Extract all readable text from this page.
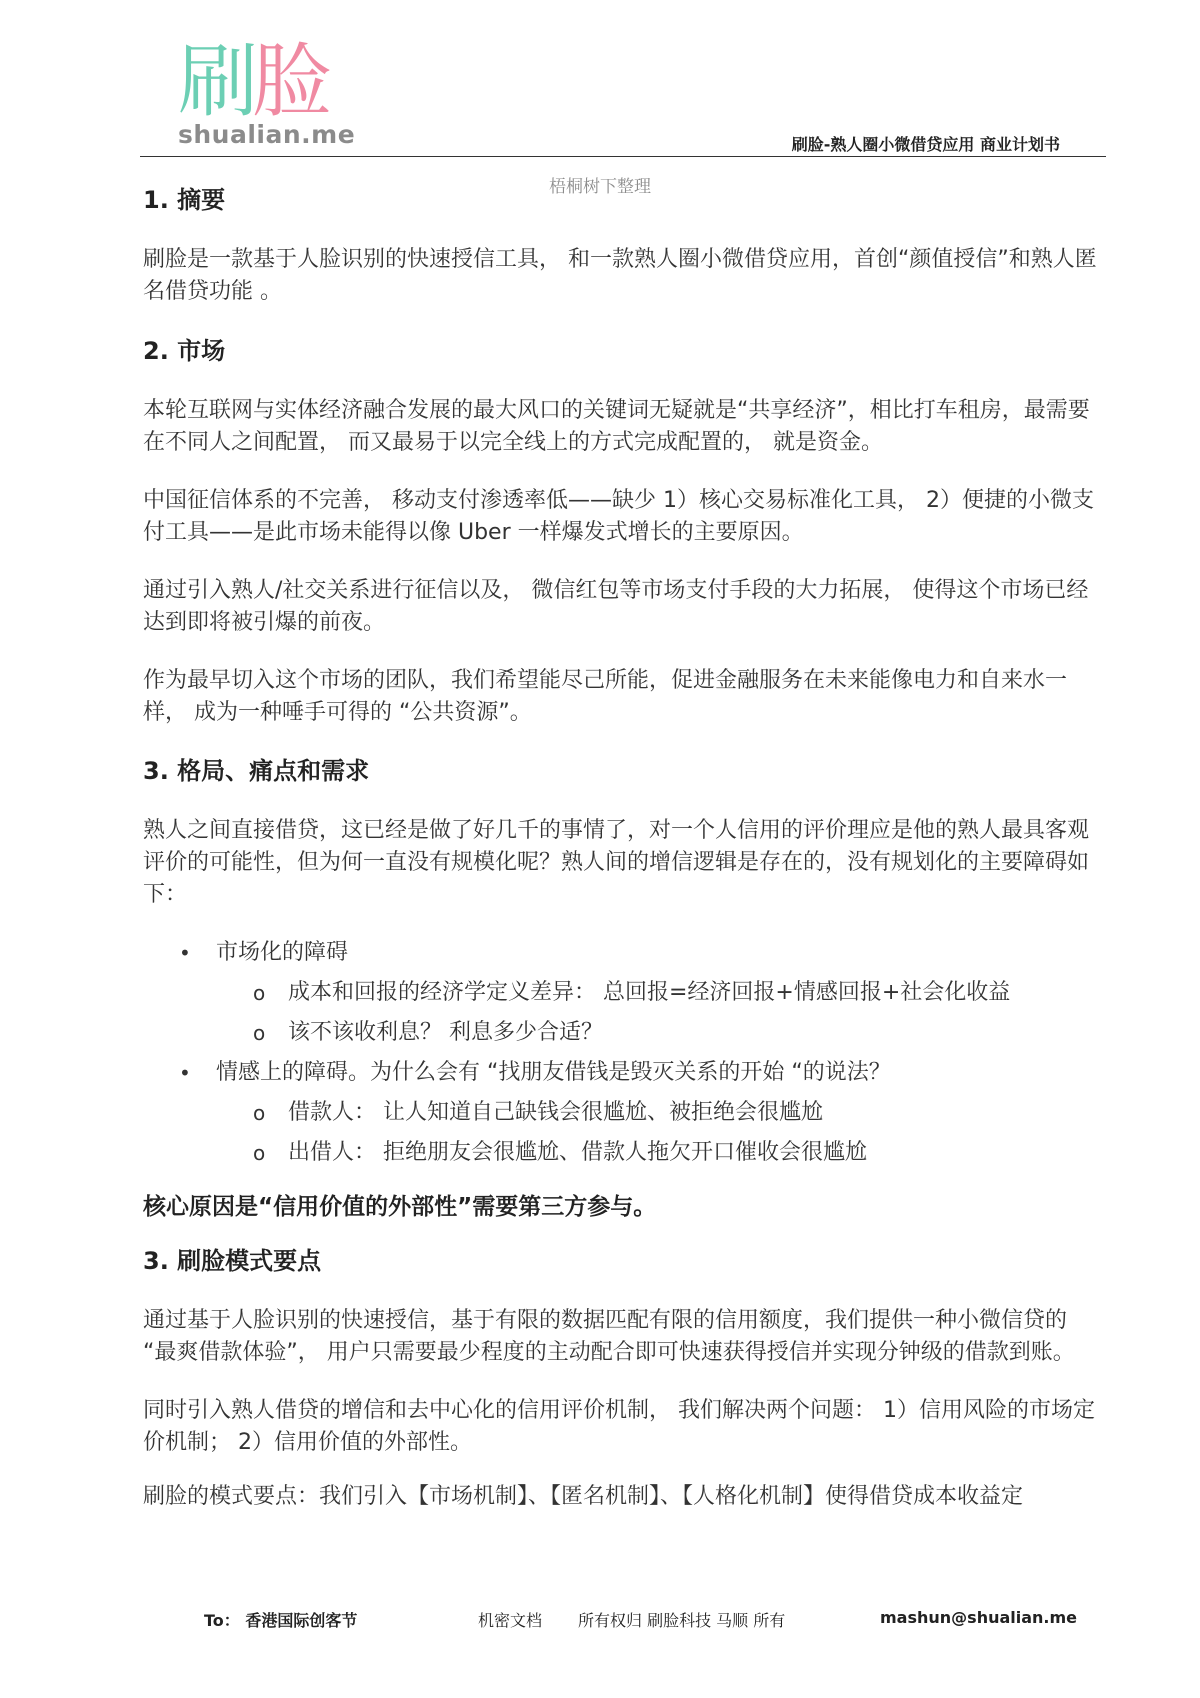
刷脸
shualian.me	刷脸-熟人圈小微借贷应用 商业计划书
梧桐树下整理
1. 摘要

刷脸是一款基于人脸识别的快速授信工具， 和一款熟人圈小微借贷应用，首创“颜值授信”和熟人匿名借贷功能 。

2. 市场

本轮互联网与实体经济融合发展的最大风口的关键词无疑就是“共享经济”，相比打车租房，最需要在不同人之间配置， 而又最易于以完全线上的方式完成配置的， 就是资金。

中国征信体系的不完善， 移动支付渗透率低——缺少 1）核心交易标准化工具， 2）便捷的小微支付工具——是此市场未能得以像 Uber 一样爆发式增长的主要原因。

通过引入熟人/社交关系进行征信以及， 微信红包等市场支付手段的大力拓展， 使得这个市场已经达到即将被引爆的前夜。

作为最早切入这个市场的团队，我们希望能尽己所能，促进金融服务在未来能像电力和自来水一样， 成为一种唾手可得的 “公共资源”。

3. 格局、痛点和需求

熟人之间直接借贷，这已经是做了好几千的事情了，对一个人信用的评价理应是他的熟人最具客观评价的可能性，但为何一直没有规模化呢？熟人间的增信逻辑是存在的，没有规划化的主要障碍如下：

• 市场化的障碍
o 成本和回报的经济学定义差异： 总回报=经济回报+情感回报+社会化收益
o 该不该收利息？ 利息多少合适？
• 情感上的障碍。为什么会有 “找朋友借钱是毁灭关系的开始 “的说法？
o 借款人： 让人知道自己缺钱会很尴尬、被拒绝会很尴尬
o 出借人： 拒绝朋友会很尴尬、借款人拖欠开口催收会很尴尬

核心原因是“信用价值的外部性”需要第三方参与。

3. 刷脸模式要点

通过基于人脸识别的快速授信，基于有限的数据匹配有限的信用额度，我们提供一种小微信贷的 “最爽借款体验”， 用户只需要最少程度的主动配合即可快速获得授信并实现分钟级的借款到账。

同时引入熟人借贷的增信和去中心化的信用评价机制， 我们解决两个问题： 1）信用风险的市场定价机制； 2）信用价值的外部性。

刷脸的模式要点：我们引入【市场机制】、【匿名机制】、【人格化机制】使得借贷成本收益定

To： 香港国际创客节	机密文档 所有权归 刷脸科技 马顺 所有	mashun@shualian.me
